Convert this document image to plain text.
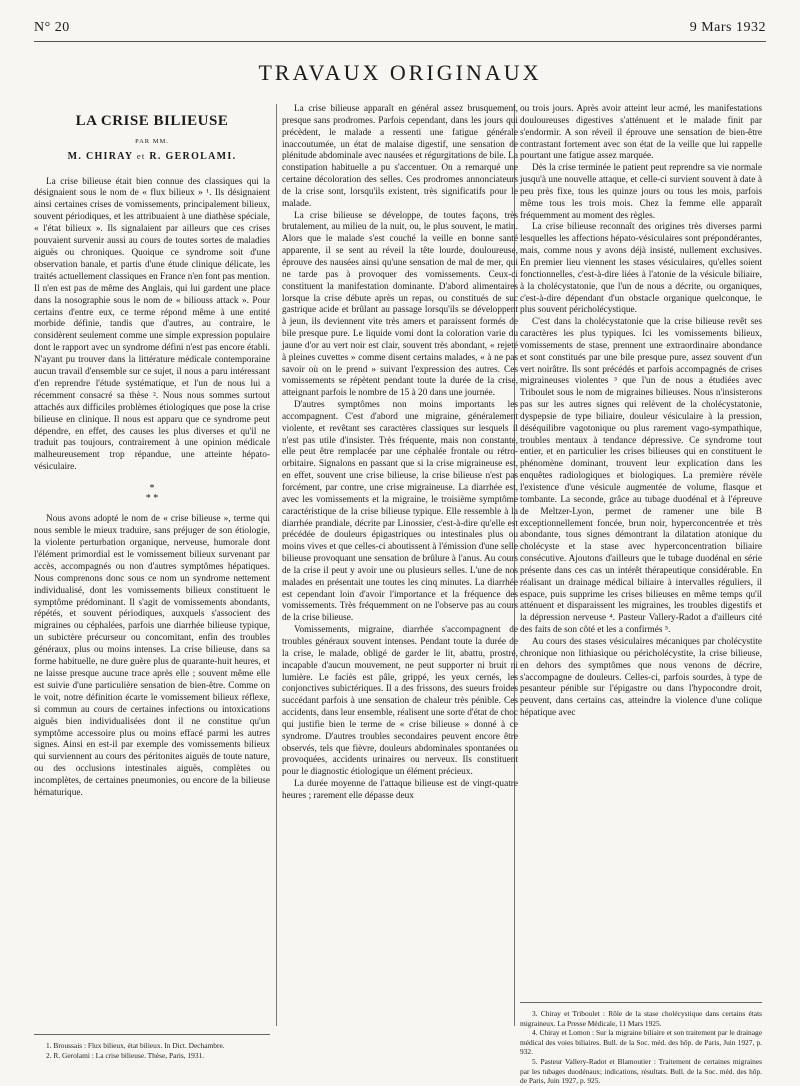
N° 20	9 Mars 1932
TRAVAUX ORIGINAUX
LA CRISE BILIEUSE
PAR MM.
M. CHIRAY et R. GEROLAMI.

La crise bilieuse était bien connue des classiques qui la désignaient sous le nom de « flux bilieux » ¹. Ils désignaient ainsi certaines crises de vomissements, principalement bilieux, souvent périodiques, et les attribuaient à une diathèse spéciale, « l'état bilieux ». Ils signalaient par ailleurs que ces crises pouvaient survenir aussi au cours de toutes sortes de maladies aiguës ou chroniques. Quoique ce syndrome soit d'une observation banale, et partis d'une étude clinique délicate, les traités actuellement classiques en France n'en font pas mention. Il n'en est pas de même des Anglais, qui lui gardent une place dans la nosographie sous le nom de « biliouss attack ». Pour certains d'entre eux, ce terme répond même à une entité morbide définie, tandis que d'autres, au contraire, le considèrent seulement comme une simple expression populaire dont le rapport avec un syndrome défini n'est pas encore établi. N'ayant pu trouver dans la littérature médicale contemporaine aucun travail d'ensemble sur ce sujet, il nous a paru intéressant d'en reprendre l'étude systématique, et l'un de nous lui a récemment consacré sa thèse ². Nous nous sommes surtout attachés aux difficiles problèmes étiologiques que pose la crise bilieuse en clinique. Il nous est apparu que ce syndrome peut dépendre, en effet, des causes les plus diverses et qu'il ne traduit pas toujours, contrairement à une opinion médicale malheureusement trop répandue, une atteinte hépato-vésiculaire.

*
* *

Nous avons adopté le nom de « crise bilieuse », terme qui nous semble le mieux traduire, sans préjuger de son étiologie, la violente perturbation organique, nerveuse, humorale dont l'élément primordial est le vomissement bilieux survenant par accès, accompagnés ou non d'autres symptômes hépatiques. Nous comprenons donc sous ce nom un syndrome nettement individualisé, dont les vomissements bilieux constituent le symptôme prédominant. Il s'agit de vomissements abondants, répétés, et souvent périodiques, auxquels s'associent des migraines ou céphalées, parfois une diarrhée bilieuse typique, un subictère précurseur ou concomitant, enfin des troubles généraux, plus ou moins intenses. La crise bilieuse, dans sa forme habituelle, ne dure guère plus de quarante-huit heures, et ne laisse presque aucune trace après elle ; souvent même elle est suivie d'une particulière sensation de bien-être. Comme on le voit, notre définition écarte le vomissement bilieux réflexe, si commun au cours de certaines infections ou intoxications aiguës bien individualisées dont il ne constitue qu'un symptôme accessoire plus ou moins effacé parmi les autres signes. Ainsi en est-il par exemple des vomissements bilieux qui surviennent au cours des péritonites aiguës de toute nature, ou des occlusions intestinales aiguës, complètes ou incomplètes, de certaines pneumonies, ou encore de la bilieuse hématurique.

1. Broussais : Flux bilieux, état bilieux. In Dict. Dechambre.

2. R. Gerolami : La crise bilieuse. Thèse, Paris, 1931.

La crise bilieuse apparaît en général assez brusquement, presque sans prodromes. Parfois cependant, dans les jours qui précèdent, le malade a ressenti une fatigue générale inaccoutumée, un état de malaise digestif, une sensation de plénitude abdominale avec nausées et régurgitations de bile. La constipation habituelle a pu s'accentuer. On a remarqué une certaine décoloration des selles. Ces prodromes annonciateurs de la crise sont, lorsqu'ils existent, très significatifs pour le malade.

La crise bilieuse se développe, de toutes façons, très brutalement, au milieu de la nuit, ou, le plus souvent, le matin. Alors que le malade s'est couché la veille en bonne santé apparente, il se sent au réveil la tête lourde, douloureuse, éprouve des nausées ainsi qu'une sensation de mal de mer, qui ne tarde pas à provoquer des vomissements. Ceux-ci constituent la manifestation dominante. D'abord alimentaires lorsque la crise débute après un repas, ou constitués de suc gastrique acide et brûlant au passage lorsqu'ils se développent à jeun, ils deviennent vite très amers et paraissent formés de bile presque pure. Le liquide vomi dont la coloration varie du jaune d'or au vert noir est clair, souvent très abondant, « rejeté à pleines cuvettes » comme disent certains malades, « à ne pas savoir où on le prend » suivant l'expression des autres. Ces vomissements se répètent pendant toute la durée de la crise, atteignant parfois le nombre de 15 à 20 dans une journée.

D'autres symptômes non moins importants les accompagnent. C'est d'abord une migraine, généralement violente, et revêtant ses caractères classiques sur lesquels il n'est pas utile d'insister. Très fréquente, mais non constante, elle peut être remplacée par une céphalée frontale ou rétro-orbitaire. Signalons en passant que si la crise migraineuse est, en effet, souvent une crise bilieuse, la crise bilieuse n'est pas forcément, par contre, une crise migraineuse. La diarrhée est, avec les vomissements et la migraine, le troisième symptôme caractéristique de la crise bilieuse typique. Elle ressemble à la diarrhée prandiale, décrite par Linossier, c'est-à-dire qu'elle est précédée de douleurs épigastriques ou intestinales plus ou moins vives et que celles-ci aboutissent à l'émission d'une selle bilieuse provoquant une sensation de brûlure à l'anus. Au cours de la crise il peut y avoir une ou plusieurs selles. L'une de nos malades en présentait une toutes les cinq minutes. La diarrhée est cependant loin d'avoir l'importance et la fréquence des vomissements. Très fréquemment on ne l'observe pas au cours de la crise bilieuse.

Vomissements, migraine, diarrhée s'accompagnent de troubles généraux souvent intenses. Pendant toute la durée de la crise, le malade, obligé de garder le lit, abattu, prostré, incapable d'aucun mouvement, ne peut supporter ni bruit ni lumière. Le faciès est pâle, grippé, les yeux cernés, les conjonctives subictériques. Il a des frissons, des sueurs froides succédant parfois à une sensation de chaleur très pénible. Ces accidents, dans leur ensemble, réalisent une sorte d'état de choc qui justifie bien le terme de « crise bilieuse » donné à ce syndrome. D'autres troubles secondaires peuvent encore être observés, tels que fièvre, douleurs abdominales spontanées ou provoquées, accidents urinaires ou nerveux. Ils constituent pour le diagnostic étiologique un élément précieux.

La durée moyenne de l'attaque bilieuse est de vingt-quatre heures ; rarement elle dépasse deux

ou trois jours. Après avoir atteint leur acmé, les manifestations douloureuses digestives s'atténuent et le malade finit par s'endormir. A son réveil il éprouve une sensation de bien-être contrastant fortement avec son état de la veille que lui rappelle pourtant une fatigue assez marquée.

Dès la crise terminée le patient peut reprendre sa vie normale jusqu'à une nouvelle attaque, et celle-ci survient souvent à date à peu près fixe, tous les quinze jours ou tous les mois, parfois même tous les trois mois. Chez la femme elle apparaît fréquemment au moment des règles.

La crise bilieuse reconnaît des origines très diverses parmi lesquelles les affections hépato-vésiculaires sont prépondérantes, mais, comme nous y avons déjà insisté, nullement exclusives. En premier lieu viennent les stases vésiculaires, qu'elles soient fonctionnelles, c'est-à-dire liées à l'atonie de la vésicule biliaire, à la cholécystatonie, que l'un de nous a décrite, ou organiques, c'est-à-dire dépendant d'un obstacle organique quelconque, le plus souvent péricholécystique.

C'est dans la cholécystatonie que la crise bilieuse revêt ses caractères les plus typiques. Ici les vomissements bilieux, vomissements de stase, prennent une extraordinaire abondance et sont constitués par une bile presque pure, assez souvent d'un vert noirâtre. Ils sont précédés et parfois accompagnés de crises migraineuses violentes ³ que l'un de nous a étudiées avec Triboulet sous le nom de migraines bilieuses. Nous n'insisterons pas sur les autres signes qui relèvent de la cholécystatonie, dyspepsie de type biliaire, douleur vésiculaire à la pression, déséquilibre vagotonique ou plus rarement vago-sympathique, troubles mentaux à tendance dépressive. Ce syndrome tout entier, et en particulier les crises bilieuses qui en constituent le phénomène dominant, trouvent leur explication dans les enquêtes radiologiques et biologiques. La première révèle l'existence d'une vésicule augmentée de volume, flasque et tombante. La seconde, grâce au tubage duodénal et à l'épreuve de Meltzer-Lyon, permet de ramener une bile B exceptionnellement foncée, brun noir, hyperconcentrée et très abondante, tous signes démontrant la dilatation atonique du cholécyste et la stase avec hyperconcentration biliaire consécutive. Ajoutons d'ailleurs que le tubage duodénal en série présente dans ces cas un intérêt thérapeutique considérable. En réalisant un drainage médical biliaire à intervalles réguliers, il espace, puis supprime les crises bilieuses en même temps qu'il atténuent et disparaissent les migraines, les troubles digestifs et la dépression nerveuse ⁴. Pasteur Vallery-Radot a d'ailleurs cité des faits de son côté et les a confirmés ⁵.

Au cours des stases vésiculaires mécaniques par cholécystite chronique non lithiasique ou péricholécystite, la crise bilieuse, en dehors des symptômes que nous venons de décrire, s'accompagne de douleurs. Celles-ci, parfois sourdes, à type de pesanteur pénible sur l'épigastre ou dans l'hypocondre droit, peuvent, dans certains cas, atteindre la violence d'une colique hépatique avec

3. Chiray et Triboulet : Rôle de la stase cholécystique dans certains états migraineux. La Presse Médicale, 11 Mars 1925.

4. Chiray et Lomon : Sur la migraine biliaire et son traitement par le drainage médical des voies biliaires. Bull. de la Soc. méd. des hôp. de Paris, Juin 1927, p. 932.

5. Pasteur Vallery-Radot et Blamoutier : Traitement de certaines migraines par les tubages duodénaux; indications, résultats. Bull. de la Soc. méd. des hôp. de Paris, Juin 1927, p. 925.
